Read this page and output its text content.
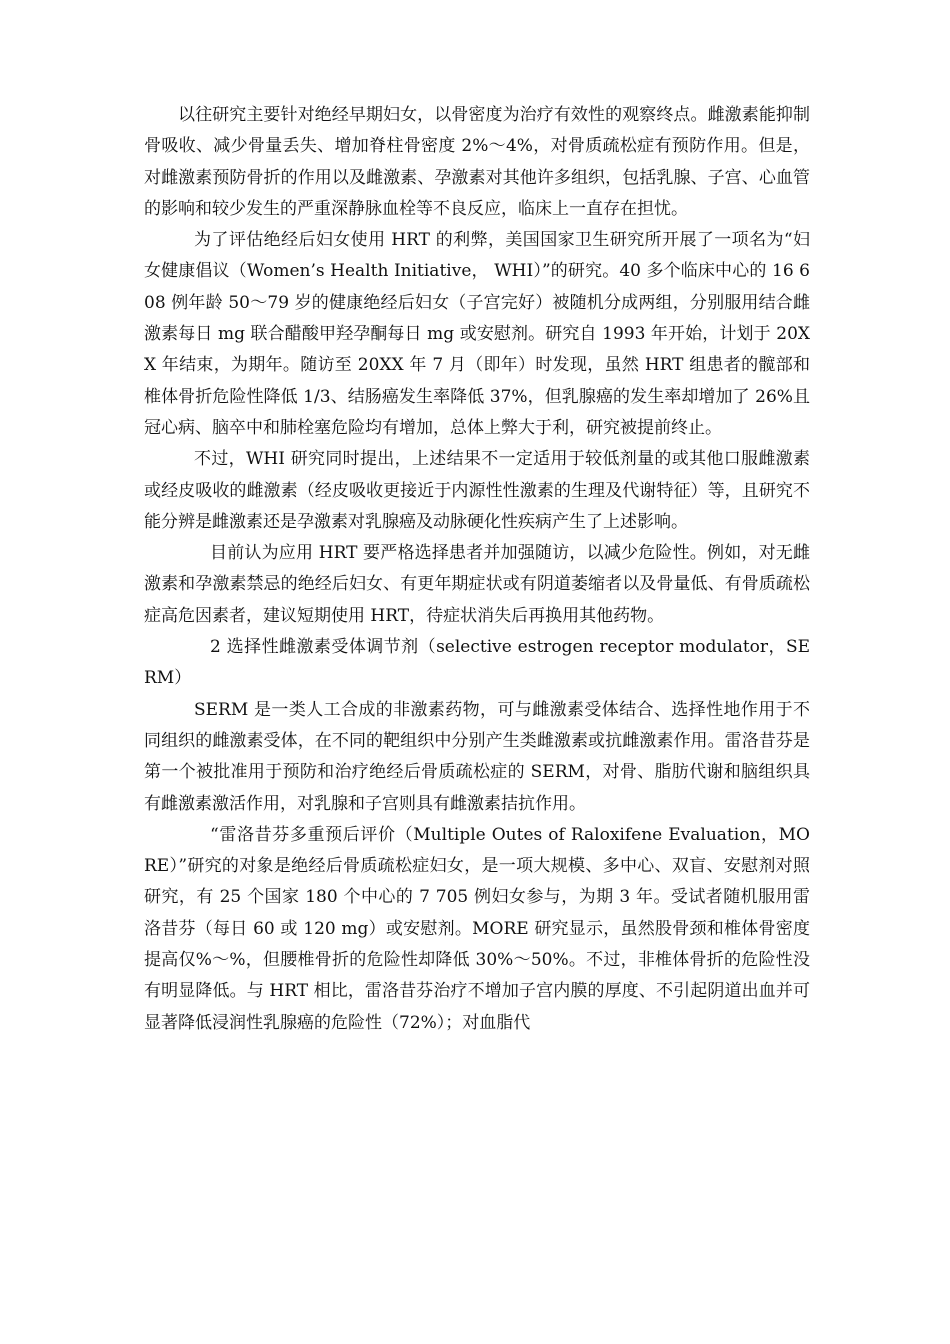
以往研究主要针对绝经早期妇女，以骨密度为治疗有效性的观察终点。雌激素能抑制骨吸收、减少骨量丢失、增加脊柱骨密度 2%～4%，对骨质疏松症有预防作用。但是，对雌激素预防骨折的作用以及雌激素、孕激素对其他许多组织，包括乳腺、子宫、心血管的影响和较少发生的严重深静脉血栓等不良反应，临床上一直存在担忧。

为了评估绝经后妇女使用 HRT 的利弊，美国国家卫生研究所开展了一项名为“妇女健康倡议（Women’s Health Initiative， WHI）”的研究。40 多个临床中心的 16 608 例年龄 50～79 岁的健康绝经后妇女（子宫完好）被随机分成两组，分别服用结合雌激素每日 mg 联合醋酸甲羟孕酮每日 mg 或安慰剂。研究自 1993 年开始，计划于 20XX 年结束，为期年。随访至 20XX 年 7 月（即年）时发现，虽然 HRT 组患者的髋部和椎体骨折危险性降低 1/3、结肠癌发生率降低 37%，但乳腺癌的发生率却增加了 26%且冠心病、脑卒中和肺栓塞危险均有增加，总体上弊大于利，研究被提前终止。

不过，WHI 研究同时提出，上述结果不一定适用于较低剂量的或其他口服雌激素或经皮吸收的雌激素（经皮吸收更接近于内源性性激素的生理及代谢特征）等，且研究不能分辨是雌激素还是孕激素对乳腺癌及动脉硬化性疾病产生了上述影响。

目前认为应用 HRT 要严格选择患者并加强随访，以减少危险性。例如，对无雌激素和孕激素禁忌的绝经后妇女、有更年期症状或有阴道萎缩者以及骨量低、有骨质疏松症高危因素者，建议短期使用 HRT，待症状消失后再换用其他药物。

2 选择性雌激素受体调节剂（selective estrogen receptor modulator，SERM）

SERM 是一类人工合成的非激素药物，可与雌激素受体结合、选择性地作用于不同组织的雌激素受体，在不同的靶组织中分别产生类雌激素或抗雌激素作用。雷洛昔芬是第一个被批准用于预防和治疗绝经后骨质疏松症的 SERM，对骨、脂肪代谢和脑组织具有雌激素激活作用，对乳腺和子宫则具有雌激素拮抗作用。

“雷洛昔芬多重预后评价（Multiple Outes of Raloxifene Evaluation，MORE）”研究的对象是绝经后骨质疏松症妇女，是一项大规模、多中心、双盲、安慰剂对照研究，有 25 个国家 180 个中心的 7 705 例妇女参与，为期 3 年。受试者随机服用雷洛昔芬（每日 60 或 120 mg）或安慰剂。MORE 研究显示，虽然股骨颈和椎体骨密度提高仅%～%，但腰椎骨折的危险性却降低 30%～50%。不过，非椎体骨折的危险性没有明显降低。与 HRT 相比，雷洛昔芬治疗不增加子宫内膜的厚度、不引起阴道出血并可显著降低浸润性乳腺癌的危险性（72%）；对血脂代
